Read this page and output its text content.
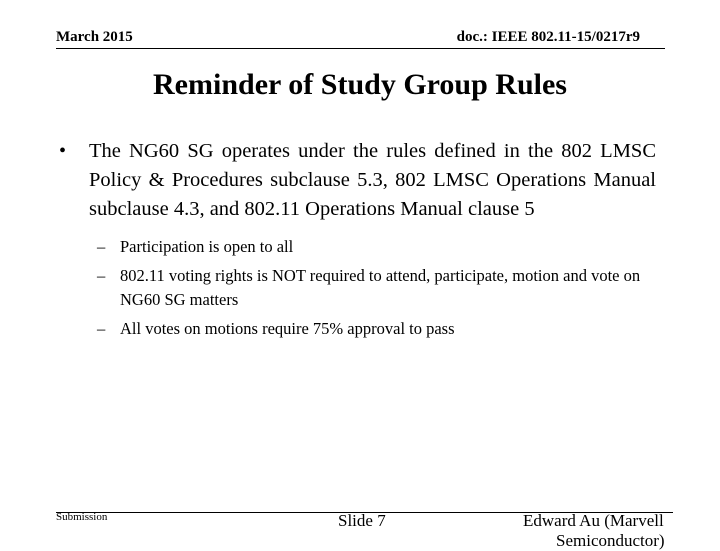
March 2015	doc.: IEEE 802.11-15/0217r9
Reminder of Study Group Rules
• The NG60 SG operates under the rules defined in the 802 LMSC Policy & Procedures subclause 5.3, 802 LMSC Operations Manual subclause 4.3, and 802.11 Operations Manual clause 5
– Participation is open to all
– 802.11 voting rights is NOT required to attend, participate, motion and vote on NG60 SG matters
– All votes on motions require 75% approval to pass
Submission	Slide 7	Edward Au (Marvell
Semiconductor)
